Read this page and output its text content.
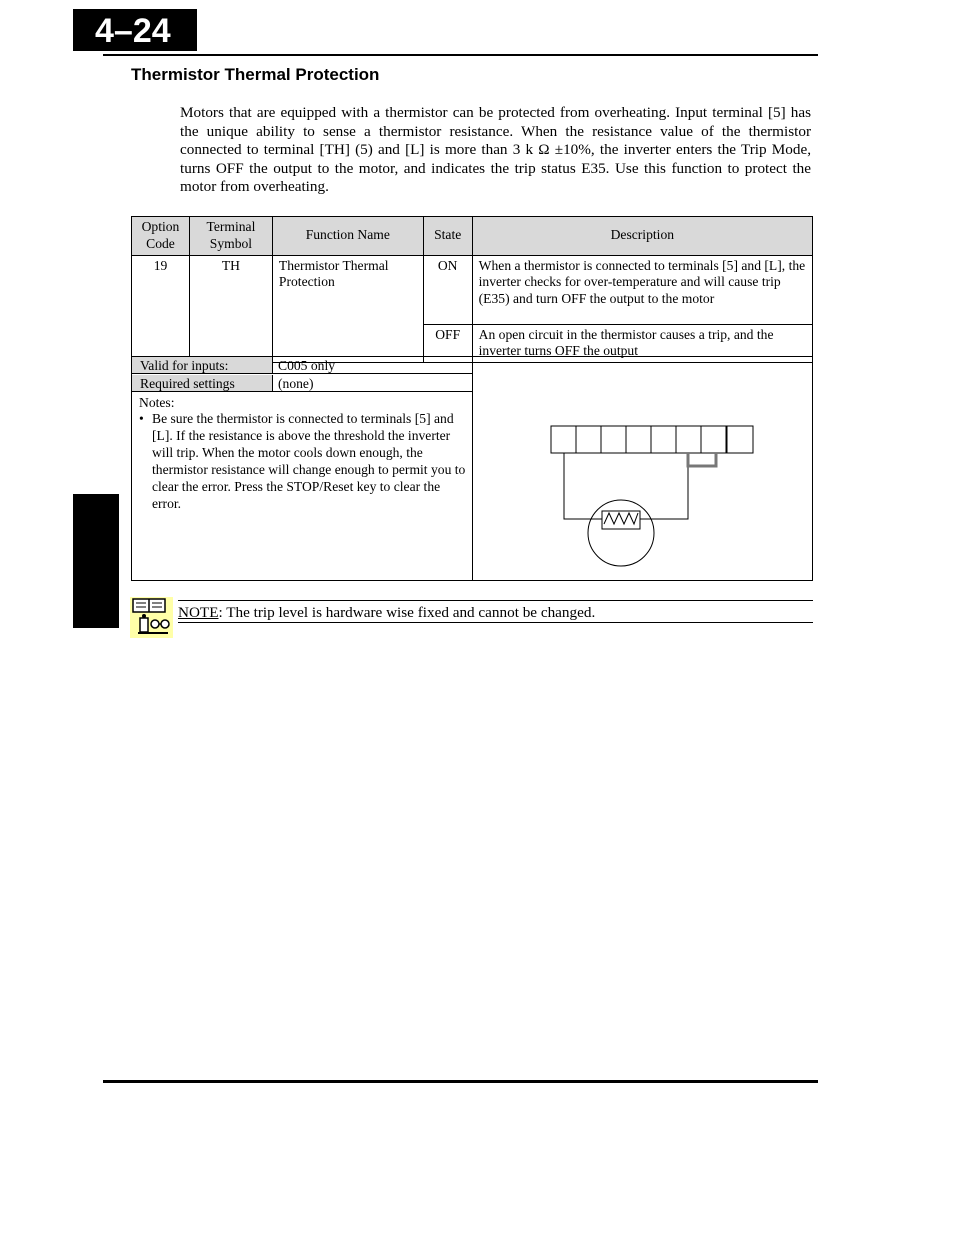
4–24
Thermistor Thermal Protection
Motors that are equipped with a thermistor can be protected from overheating. Input terminal [5] has the unique ability to sense a thermistor resistance. When the resistance value of the thermistor connected to terminal [TH] (5) and [L] is more than 3 k Ω ±10%, the inverter enters the Trip Mode, turns OFF the output to the motor, and indicates the trip status E35. Use this function to protect the motor from overheating.
Option Code	Terminal Symbol	Function Name	State	Description
19	TH	Thermistor Thermal Protection	ON	When a thermistor is connected to terminals [5] and [L], the inverter checks for over-temperature and will cause trip (E35) and turn OFF the output to the motor
			OFF	An open circuit in the thermistor causes a trip, and the inverter turns OFF the output
Valid for inputs:	C005 only
Required settings	(none)
Notes:
• Be sure the thermistor is connected to terminals [5] and [L]. If the resistance is above the threshold the inverter will trip. When the motor cools down enough, the thermistor resistance will change enough to permit you to clear the error. Press the STOP/Reset key to clear the error.
NOTE: The trip level is hardware wise fixed and cannot be changed.
